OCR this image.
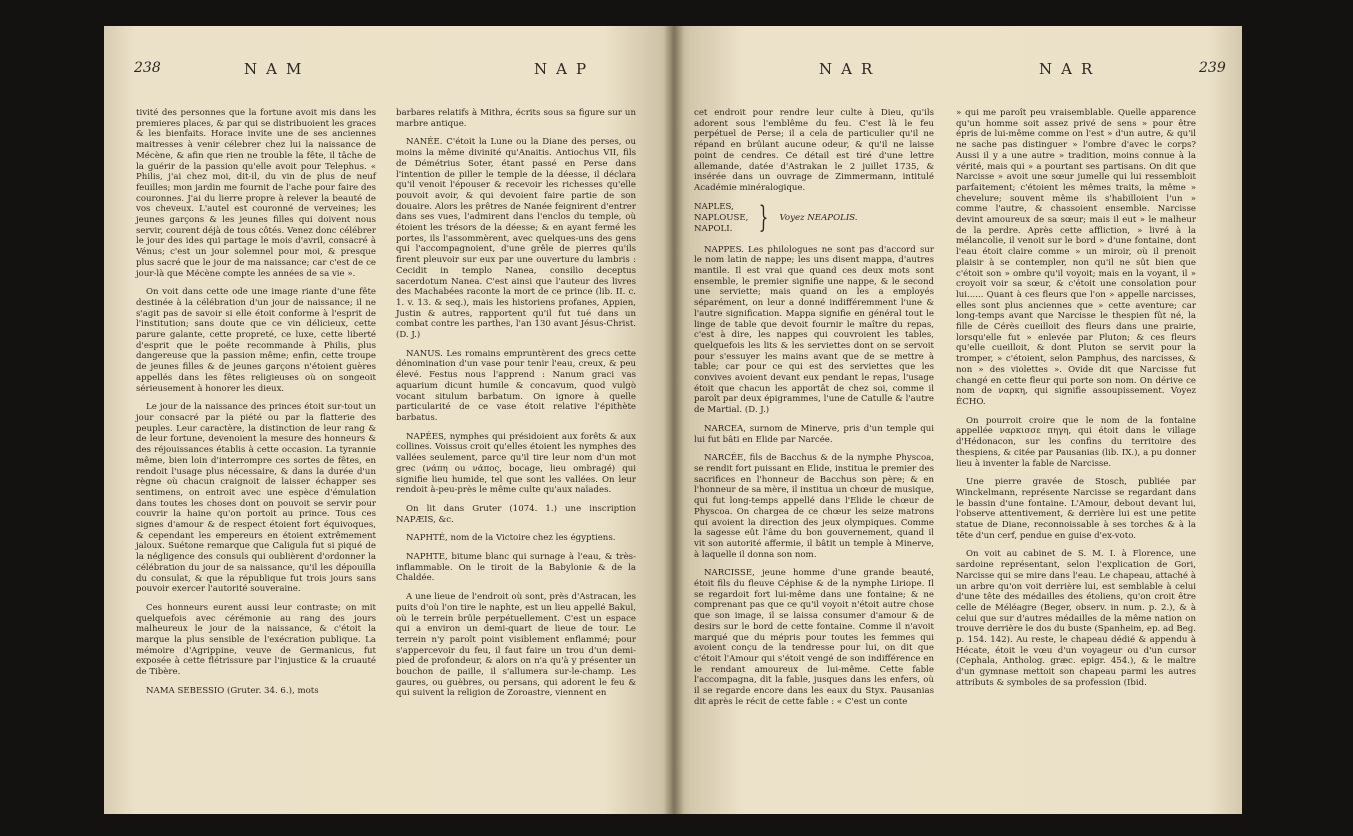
238	NAM	NAP

tivité des personnes que la fortune avoit mis dans les premieres places, & par qui se distribuoient les graces & les bienfaits. Horace invite une de ses anciennes maitresses à venir célebrer chez lui la naissance de Mécène, & afin que rien ne trouble la fête, il tâche de la guérir de la passion qu'elle avoit pour Telephus. « Philis, j'ai chez moi, dit-il, du vin de plus de neuf feuilles; mon jardin me fournit de l'ache pour faire des couronnes. J'ai du lierre propre à relever la beauté de vos cheveux. L'autel est couronné de verveines; les jeunes garçons & les jeunes filles qui doivent nous servir, courent déjà de tous côtés. Venez donc célébrer le jour des ides qui partage le mois d'avril, consacré à Vénus; c'est un jour solemnel pour moi, & presque plus sacré que le jour de ma naissance; car c'est de ce jour-là que Mécène compte les années de sa vie ».

On voit dans cette ode une image riante d'une fête destinée à la célébration d'un jour de naissance; il ne s'agit pas de savoir si elle étoit conforme à l'esprit de l'institution; sans doute que ce vin délicieux, cette parure galante, cette propreté, ce luxe, cette liberté d'esprit que le poëte recommande à Philis, plus dangereuse que la passion même; enfin, cette troupe de jeunes filles & de jeunes garçons n'étoient guères appellés dans les fêtes religieuses où on songeoit sérieusement à honorer les dieux.

Le jour de la naissance des princes étoit sur-tout un jour consacré par la piété ou par la flatterie des peuples. Leur caractère, la distinction de leur rang & de leur fortune, devenoient la mesure des honneurs & des réjouissances établis à cette occasion. La tyrannie même, bien loin d'interrompre ces sortes de fêtes, en rendoit l'usage plus nécessaire, & dans la durée d'un règne où chacun craignoit de laisser échapper ses sentimens, on entroit avec une espèce d'émulation dans toutes les choses dont on pouvoit se servir pour couvrir la haine qu'on portoit au prince. Tous ces signes d'amour & de respect étoient fort équivoques, & cependant les empereurs en étoient extrêmement jaloux. Suétone remarque que Caligula fut si piqué de la négligence des consuls qui oublièrent d'ordonner la célébration du jour de sa naissance, qu'il les dépouilla du consulat, & que la république fut trois jours sans pouvoir exercer l'autorité souveraine.

Ces honneurs eurent aussi leur contraste; on mit quelquefois avec cérémonie au rang des jours malheureux le jour de la naissance, & c'étoit la marque la plus sensible de l'exécration publique. La mémoire d'Agrippine, veuve de Germanicus, fut exposée à cette flétrissure par l'injustice & la cruauté de Tibère.

NAMA SEBESSIO (Gruter. 34. 6.), mots

barbares relatifs à Mithra, écrits sous sa figure sur un marbre antique.

NANÉE. C'étoit la Lune ou la Diane des perses, ou moins la même divinité qu'Anaitis. Antiochus VII, fils de Démétrius Soter, étant passé en Perse dans l'intention de piller le temple de la déesse, il déclara qu'il venoit l'épouser & recevoir les richesses qu'elle pouvoit avoir, & qui devoient faire partie de son douaire. Alors les prêtres de Nanée feignirent d'entrer dans ses vues, l'admirent dans l'enclos du temple, où étoient les trésors de la déesse; & en ayant fermé les portes, ils l'assommèrent, avec quelques-uns des gens qui l'accompagnoient, d'une grêle de pierres qu'ils firent pleuvoir sur eux par une ouverture du lambris : Cecidit in templo Nanea, consilio deceptus sacerdotum Nanea. C'est ainsi que l'auteur des livres des Machabées raconte la mort de ce prince (lib. II. c. 1. v. 13. & seq.), mais les historiens profanes, Appien, Justin & autres, rapportent qu'il fut tué dans un combat contre les parthes, l'an 130 avant Jésus-Christ. (D. J.)

NANUS. Les romains empruntèrent des grecs cette dénomination d'un vase pour tenir l'eau, creux, & peu élevé. Festus nous l'apprend : Nanum graci vas aquarium dicunt humile & concavum, quod vulgò vocant situlum barbatum. On ignore à quelle particularité de ce vase étoit relative l'épithète barbatus.

NAPÉES, nymphes qui présidoient aux forêts & aux collines. Voissus croit qu'elles étoient les nymphes des vallées seulement, parce qu'il tire leur nom d'un mot grec (νάπη ou νάπος, bocage, lieu ombragé) qui signifie lieu humide, tel que sont les vallées. On leur rendoit à-peu-près le même culte qu'aux naïades.

On lit dans Gruter (1074. 1.) une inscription NAPÆIS, &c.

NAPHTÉ, nom de la Victoire chez les égyptiens.

NAPHTE, bitume blanc qui surnage à l'eau, & très-inflammable. On le tiroit de la Babylonie & de la Chaldée.

A une lieue de l'endroit où sont, près d'Astracan, les puits d'où l'on tire le naphte, est un lieu appellé Bakul, où le terrein brûle perpétuellement. C'est un espace qui a environ un demi-quart de lieue de tour. Le terrein n'y paroît point visiblement enflammé; pour s'appercevoir du feu, il faut faire un trou d'un demi-pied de profondeur, & alors on n'a qu'à y présenter un bouchon de paille, il s'allumera sur-le-champ. Les gaures, ou guèbres, ou persans, qui adorent le feu & qui suivent la religion de Zoroastre, viennent en

NAR	NAR	239

cet endroit pour rendre leur culte à Dieu, qu'ils adorent sous l'emblême du feu. C'est là le feu perpétuel de Perse; il a cela de particulier qu'il ne répand en brûlant aucune odeur, & qu'il ne laisse point de cendres. Ce détail est tiré d'une lettre allemande, datée d'Astrakan le 2 juillet 1735, & insérée dans un ouvrage de Zimmermann, intitulé Académie minéralogique.

NAPLES,
NAPLOUSE,
NAPOLI. } Voyez NEAPOLIS.

NAPPES. Les philologues ne sont pas d'accord sur le nom latin de nappe; les uns disent mappa, d'autres mantile. Il est vrai que quand ces deux mots sont ensemble, le premier signifie une nappe, & le second une serviette; mais quand on les a employés séparément, on leur a donné indifféremment l'une & l'autre signification. Mappa signifie en général tout le linge de table que devoit fournir le maître du repas, c'est à dire, les nappes qui couvroient les tables, quelquefois les lits & les serviettes dont on se servoit pour s'essuyer les mains avant que de se mettre à table; car pour ce qui est des serviettes que les convives avoient devant eux pendant le repas, l'usage étoit que chacun les apportât de chez soi, comme il paroît par deux épigrammes, l'une de Catulle & l'autre de Martial. (D. J.)

NARCEA, surnom de Minerve, pris d'un temple qui lui fut bâti en Elide par Narcée.

NARCÉE, fils de Bacchus & de la nymphe Physcoa, se rendit fort puissant en Elide, institua le premier des sacrifices en l'honneur de Bacchus son père; & en l'honneur de sa mère, il institua un chœur de musique, qui fut long-temps appellé dans l'Elide le chœur de Physcoa. On chargea de ce chœur les seize matrons qui avoient la direction des jeux olympiques. Comme la sagesse eût l'âme du bon gouvernement, quand il vit son autorité affermie, il bâtit un temple à Minerve, à laquelle il donna son nom.

NARCISSE, jeune homme d'une grande beauté, étoit fils du fleuve Céphise & de la nymphe Liriope. Il se regardoit fort lui-même dans une fontaine; & ne comprenant pas que ce qu'il voyoit n'étoit autre chose que son image, il se laissa consumer d'amour & de desirs sur le bord de cette fontaine. Comme il n'avoit marqué que du mépris pour toutes les femmes qui avoient conçu de la tendresse pour lui, on dit que c'étoit l'Amour qui s'étoit vengé de son indifférence en le rendant amoureux de lui-même. Cette fable l'accompagna, dit la fable, jusques dans les enfers, où il se regarde encore dans les eaux du Styx. Pausanias dit après le récit de cette fable : « C'est un conte

» qui me paroît peu vraisemblable. Quelle apparence qu'un homme soit assez privé de sens » pour être épris de lui-même comme on l'est » d'un autre, & qu'il ne sache pas distinguer » l'ombre d'avec le corps? Aussi il y a une autre » tradition, moins connue à la vérité, mais qui » a pourtant ses partisans. On dit que Narcisse » avoit une sœur jumelle qui lui ressembloit parfaitement; c'étoient les mêmes traits, la même » chevelure; souvent même ils s'habilloient l'un » comme l'autre, & chassoient ensemble. Narcisse devint amoureux de sa sœur; mais il eut » le malheur de la perdre. Après cette affliction, » livré à la mélancolie, il venoit sur le bord » d'une fontaine, dont l'eau étoit claire comme » un miroir, où il prenoit plaisir à se contempler, non qu'il ne sût bien que c'étoit son » ombre qu'il voyoit; mais en la voyant, il » croyoit voir sa sœur, & c'étoit une consolation pour lui...... Quant à ces fleurs que l'on » appelle narcisses, elles sont plus anciennes que » cette aventure; car long-temps avant que Narcisse le thespien fût né, la fille de Cérès cueilloit des fleurs dans une prairie, lorsqu'elle fut » enlevée par Pluton; & ces fleurs qu'elle cueilloit, & dont Pluton se servit pour la tromper, » c'étoient, selon Pamphus, des narcisses, & non » des violettes ». Ovide dit que Narcisse fut changé en cette fleur qui porte son nom. On dérive ce nom de ναρκη, qui signifie assoupissement. Voyez ÉCHO.

On pourroit croire que le nom de la fontaine appellée ναρκισσε πηγη, qui étoit dans le village d'Hédonacon, sur les confins du territoire des thespiens, & citée par Pausanias (lib. IX.), a pu donner lieu à inventer la fable de Narcisse.

Une pierre gravée de Stosch, publiée par Winckelmann, représente Narcisse se regardant dans le bassin d'une fontaine. L'Amour, debout devant lui, l'observe attentivement, & derrière lui est une petite statue de Diane, reconnoissable à ses torches & à la tête d'un cerf, pendue en guise d'ex-voto.

On voit au cabinet de S. M. I. à Florence, une sardoine représentant, selon l'explication de Gori, Narcisse qui se mire dans l'eau. Le chapeau, attaché à un arbre qu'on voit derrière lui, est semblable à celui d'une tête des médailles des étoliens, qu'on croit être celle de Méléagre (Beger, observ. in num. p. 2.), & à celui que sur d'autres médailles de la même nation on trouve derrière le dos du buste (Spanheim, ep. ad Beg. p. 154. 142). Au reste, le chapeau dédié & appendu à Hécate, étoit le vœu d'un voyageur ou d'un cursor (Cephala, Antholog. græc. epigr. 454.), & le maître d'un gymnase mettoit son chapeau parmi les autres attributs & symboles de sa profession (Ibid.
